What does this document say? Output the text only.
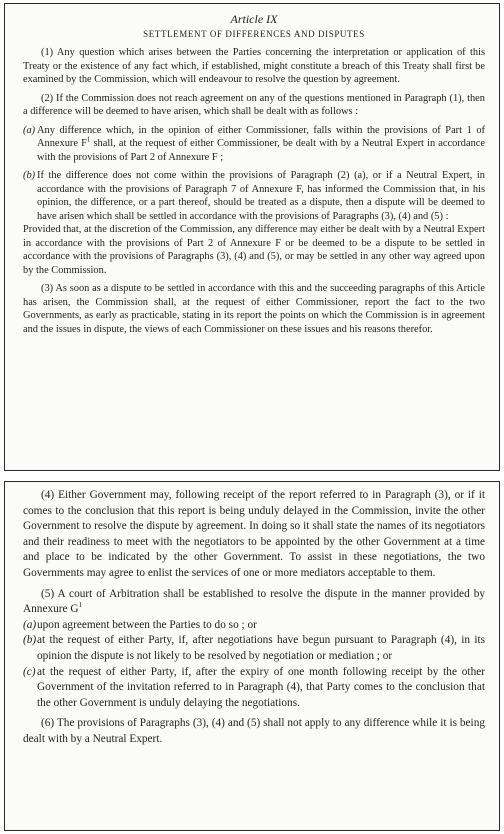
Article IX
SETTLEMENT OF DIFFERENCES AND DISPUTES

(1) Any question which arises between the Parties concerning the interpretation or application of this Treaty or the existence of any fact which, if established, might constitute a breach of this Treaty shall first be examined by the Commission, which will endeavour to resolve the question by agreement.

(2) If the Commission does not reach agreement on any of the questions mentioned in Paragraph (1), then a difference will be deemed to have arisen, which shall be dealt with as follows :

(a) Any difference which, in the opinion of either Commissioner, falls within the provisions of Part 1 of Annexure $F^1$ shall, at the request of either Commissioner, be dealt with by a Neutral Expert in accordance with the provisions of Part 2 of Annexure F ;

(b) If the difference does not come within the provisions of Paragraph (2) (a), or if a Neutral Expert, in accordance with the provisions of Paragraph 7 of Annexure F, has informed the Commission that, in his opinion, the difference, or a part thereof, should be treated as a dispute, then a dispute will be deemed to have arisen which shall be settled in accordance with the provisions of Paragraphs (3), (4) and (5) :

Provided that, at the discretion of the Commission, any difference may either be dealt with by a Neutral Expert in accordance with the provisions of Part 2 of Annexure F or be deemed to be a dispute to be settled in accordance with the provisions of Paragraphs (3), (4) and (5), or may be settled in any other way agreed upon by the Commission.

(3) As soon as a dispute to be settled in accordance with this and the succeeding paragraphs of this Article has arisen, the Commission shall, at the request of either Commissioner, report the fact to the two Governments, as early as practicable, stating in its report the points on which the Commission is in agreement and the issues in dispute, the views of each Commissioner on these issues and his reasons therefor.

(4) Either Government may, following receipt of the report referred to in Paragraph (3), or if it comes to the conclusion that this report is being unduly delayed in the Commission, invite the other Government to resolve the dispute by agreement. In doing so it shall state the names of its negotiators and their readiness to meet with the negotiators to be appointed by the other Government at a time and place to be indicated by the other Government. To assist in these negotiations, the two Governments may agree to enlist the services of one or more mediators acceptable to them.

(5) A court of Arbitration shall be established to resolve the dispute in the manner provided by Annexure $G^1$

(a) upon agreement between the Parties to do so ; or

(b) at the request of either Party, if, after negotiations have begun pursuant to Paragraph (4), in its opinion the dispute is not likely to be resolved by negotiation or mediation ; or

(c) at the request of either Party, if, after the expiry of one month following receipt by the other Government of the invitation referred to in Paragraph (4), that Party comes to the conclusion that the other Government is unduly delaying the negotiations.

(6) The provisions of Paragraphs (3), (4) and (5) shall not apply to any difference while it is being dealt with by a Neutral Expert.
